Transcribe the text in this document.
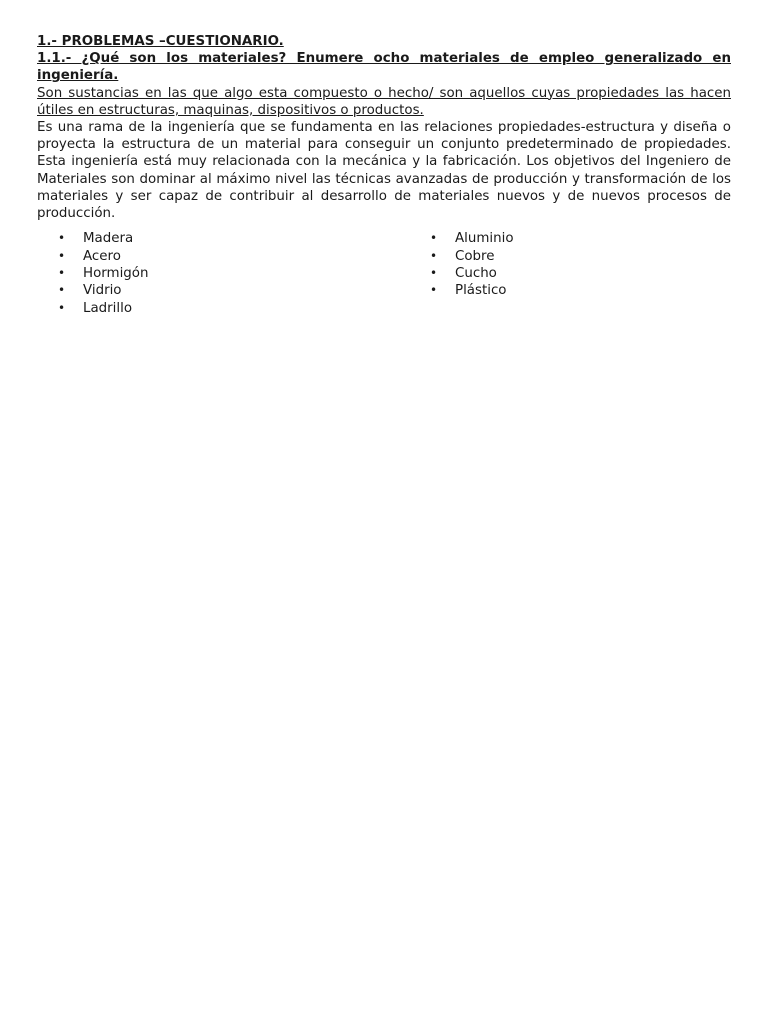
1.- PROBLEMAS –CUESTIONARIO.

1.1.- ¿Qué son los materiales? Enumere ocho materiales de empleo generalizado en ingeniería.

Son sustancias en las que algo esta compuesto o hecho/ son aquellos cuyas propiedades las hacen útiles en estructuras, maquinas, dispositivos o productos.

Es una rama de la ingeniería que se fundamenta en las relaciones propiedades-estructura y diseña o proyecta la estructura de un material para conseguir un conjunto predeterminado de propiedades. Esta ingeniería está muy relacionada con la mecánica y la fabricación. Los objetivos del Ingeniero de Materiales son dominar al máximo nivel las técnicas avanzadas de producción y transformación de los materiales y ser capaz de contribuir al desarrollo de materiales nuevos y de nuevos procesos de producción.

• Madera
• Acero
• Hormigón
• Vidrio
• Ladrillo
• Aluminio
• Cobre
• Cucho
• Plástico
